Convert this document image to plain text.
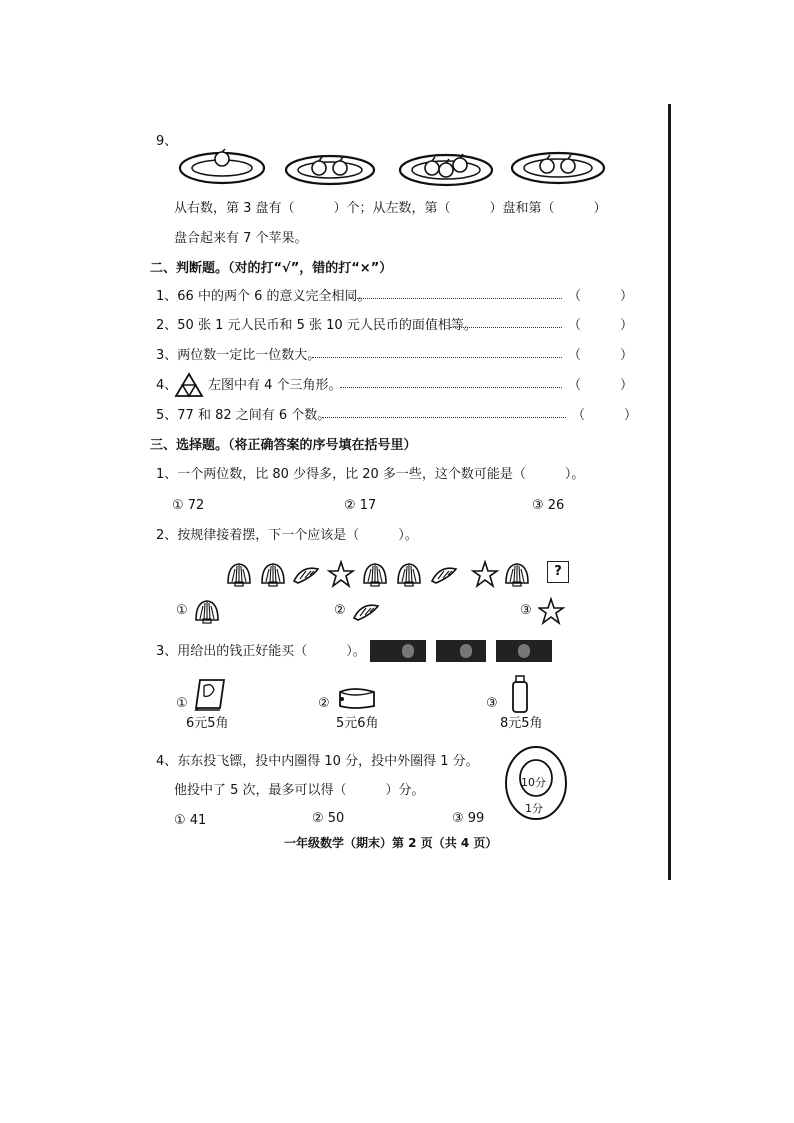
9、
从右数，第 3 盘有（　　　）个；从左数，第（　　　）盘和第（　　　）
盘合起来有 7 个苹果。
二、判断题。（对的打“√”，错的打“×”）
1、66 中的两个 6 的意义完全相同。	（　　　）
2、50 张 1 元人民币和 5 张 10 元人民币的面值相等。	（　　　）
3、两位数一定比一位数大。	（　　　）
4、 左图中有 4 个三角形。	（　　　）
5、77 和 82 之间有 6 个数。	（　　　）
三、选择题。（将正确答案的序号填在括号里）
1、一个两位数，比 80 少得多，比 20 多一些，这个数可能是（　　　）。
① 72	② 17	③ 26
2、按规律接着摆，下一个应该是（　　　）。
?
①	②	③
3、用给出的钱正好能买（　　　）。
①
6元5角
②
5元6角
③
8元5角
4、东东投飞镖，投中内圈得 10 分，投中外圈得 1 分。
他投中了 5 次，最多可以得（　　　）分。
① 41	② 50	③ 99
10分
1分
一年级数学（期末）第 2 页（共 4 页）
